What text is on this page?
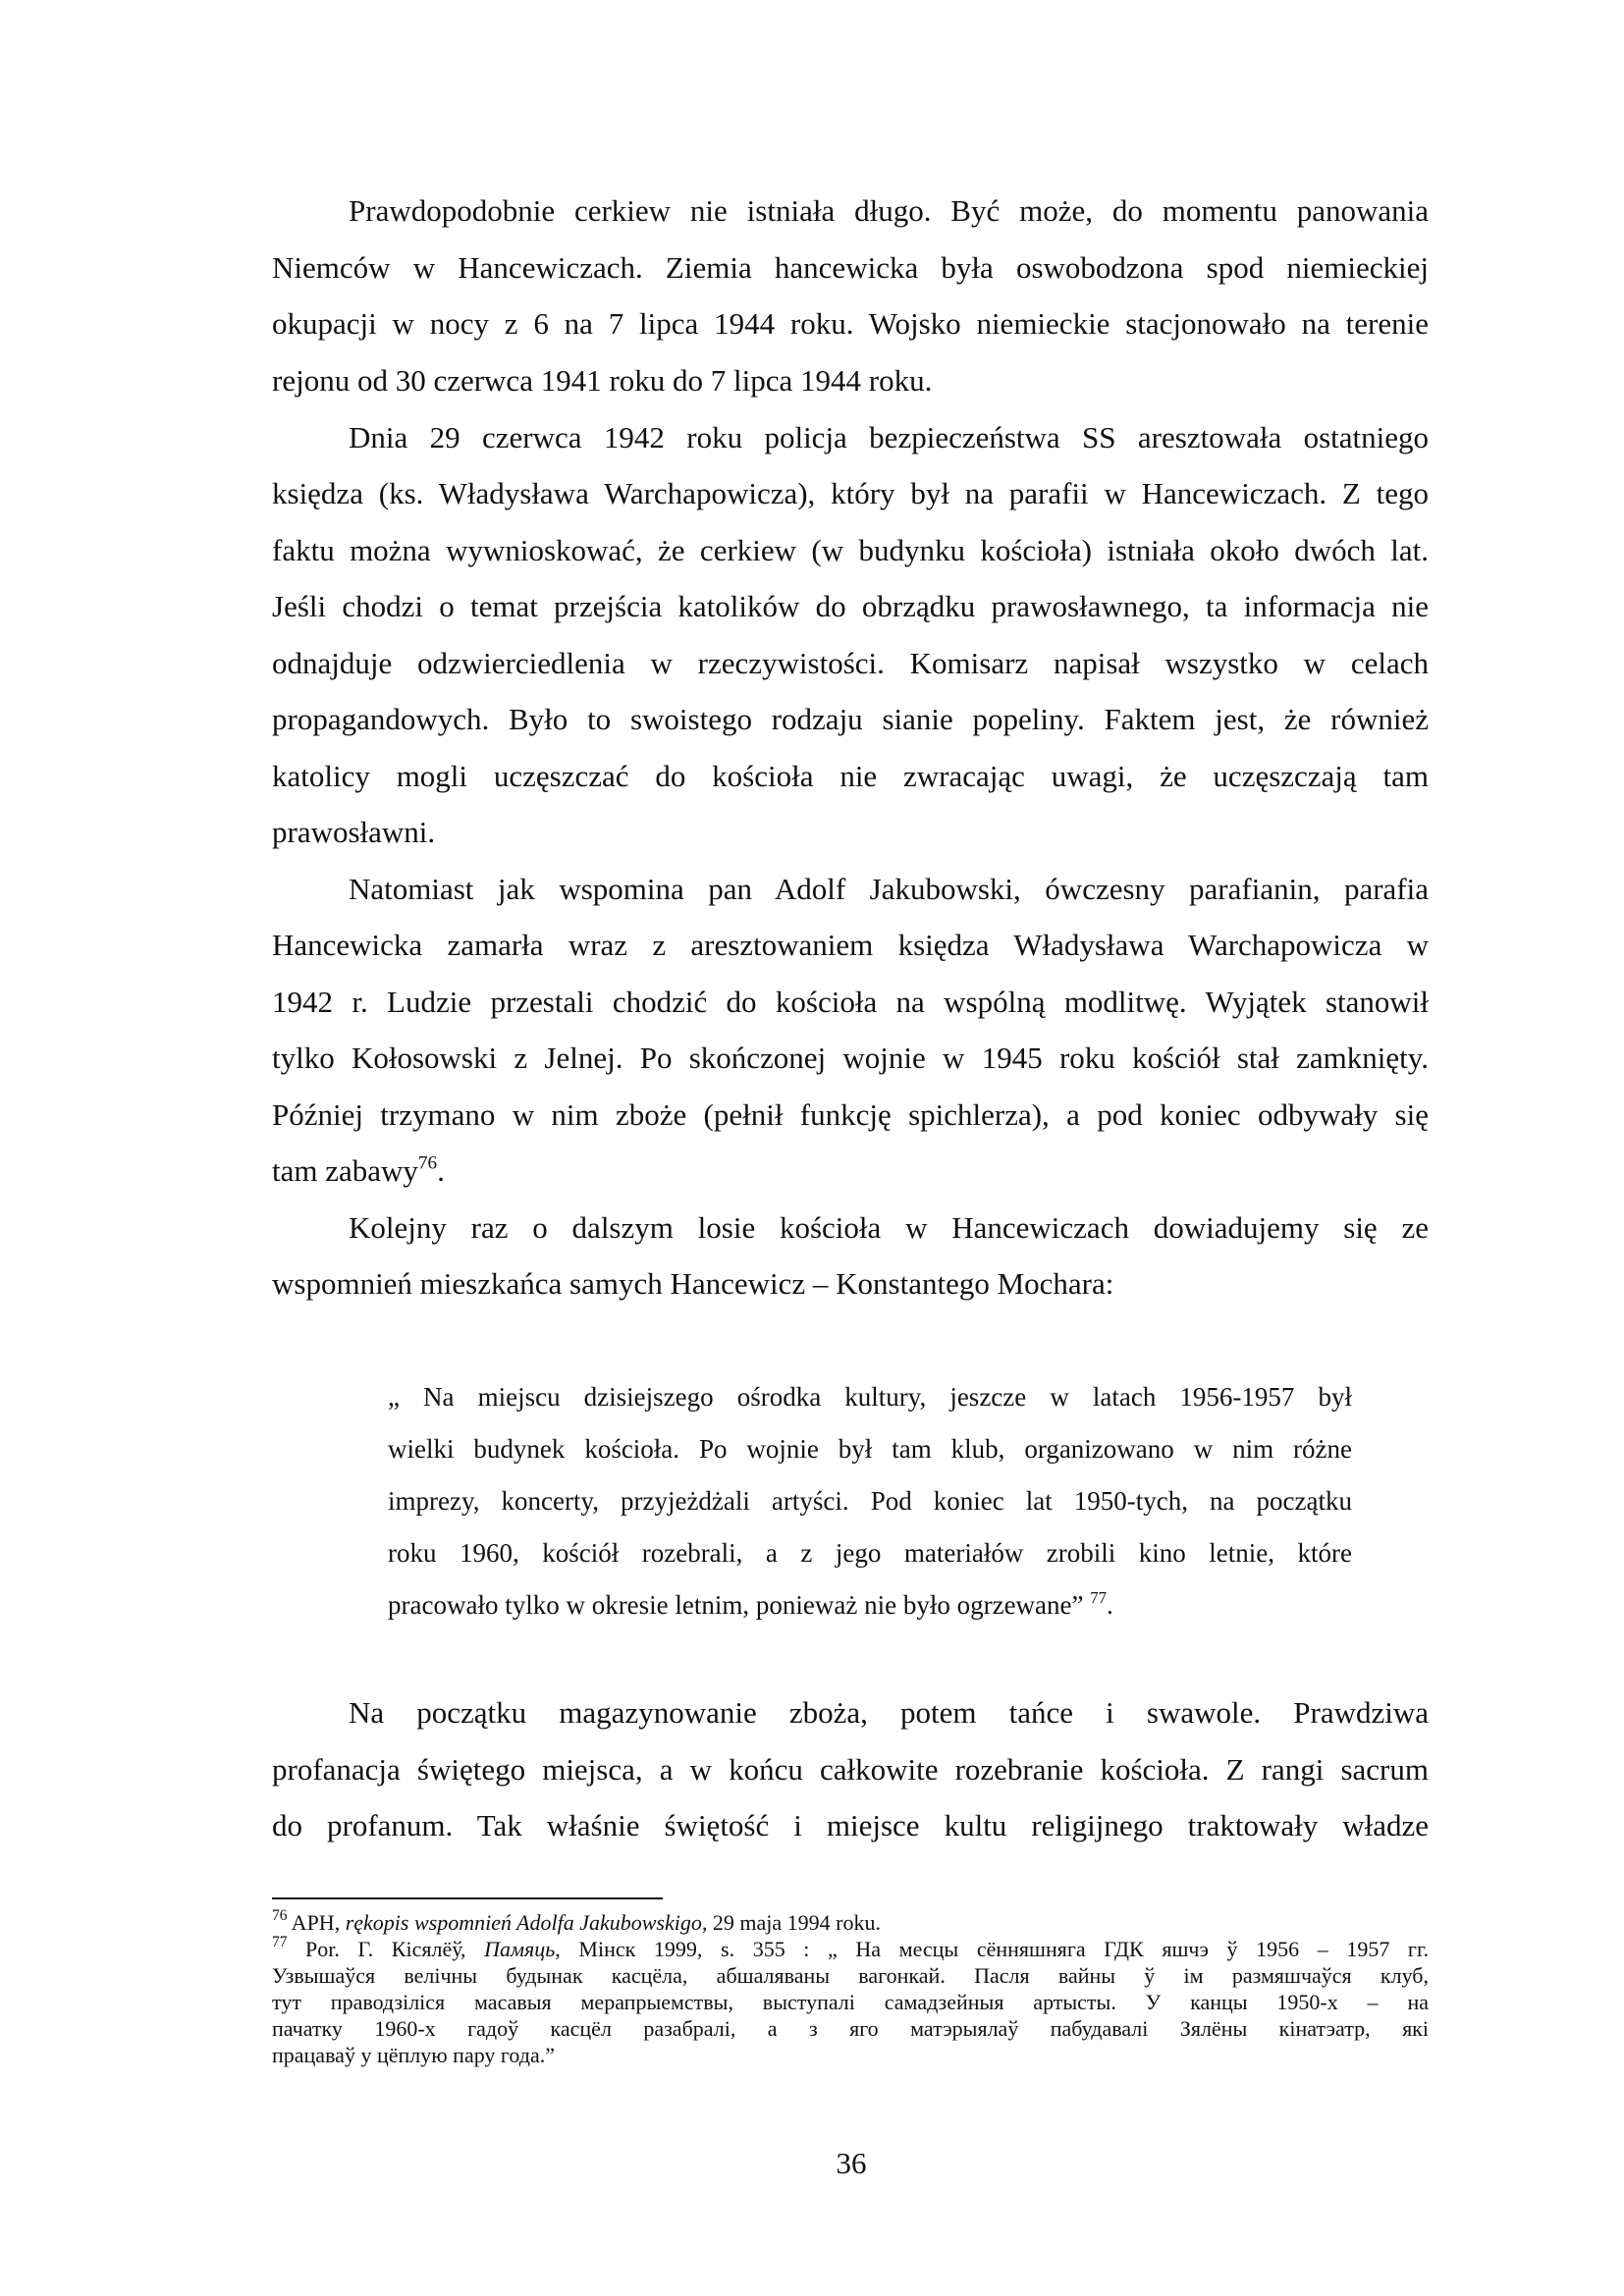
Prawdopodobnie cerkiew nie istniała długo. Być może, do momentu panowania
Niemców w Hancewiczach. Ziemia hancewicka była oswobodzona spod niemieckiej
okupacji w nocy z 6 na 7 lipca 1944 roku. Wojsko niemieckie stacjonowało na terenie
rejonu od 30 czerwca 1941 roku do 7 lipca 1944 roku.
Dnia 29 czerwca 1942 roku policja bezpieczeństwa SS aresztowała ostatniego
księdza (ks. Władysława Warchapowicza), który był na parafii w Hancewiczach. Z tego
faktu można wywnioskować, że cerkiew (w budynku kościoła) istniała około dwóch lat.
Jeśli chodzi o temat przejścia katolików do obrządku prawosławnego, ta informacja nie
odnajduje odzwierciedlenia w rzeczywistości. Komisarz napisał wszystko w celach
propagandowych. Było to swoistego rodzaju sianie popeliny. Faktem jest, że również
katolicy mogli uczęszczać do kościoła nie zwracając uwagi, że uczęszczają tam
prawosławni.
Natomiast jak wspomina pan Adolf Jakubowski, ówczesny parafianin, parafia
Hancewicka zamarła wraz z aresztowaniem księdza Władysława Warchapowicza w
1942 r. Ludzie przestali chodzić do kościoła na wspólną modlitwę. Wyjątek stanowił
tylko Kołosowski z Jelnej. Po skończonej wojnie w 1945 roku kościół stał zamknięty.
Później trzymano w nim zboże (pełnił funkcję spichlerza), a pod koniec odbywały się
tam zabawy$^{76}$.
Kolejny raz o dalszym losie kościoła w Hancewiczach dowiadujemy się ze
wspomnień mieszkańca samych Hancewicz – Konstantego Mochara:
„ Na miejscu dzisiejszego ośrodka kultury, jeszcze w latach 1956-1957 był
wielki budynek kościoła. Po wojnie był tam klub, organizowano w nim różne
imprezy, koncerty, przyjeżdżali artyści. Pod koniec lat 1950-tych, na początku
roku 1960, kościół rozebrali, a z jego materiałów zrobili kino letnie, które
pracowało tylko w okresie letnim, ponieważ nie było ogrzewane” $^{77}$.
Na początku magazynowanie zboża, potem tańce i swawole. Prawdziwa
profanacja świętego miejsca, a w końcu całkowite rozebranie kościoła. Z rangi sacrum
do profanum. Tak właśnie świętość i miejsce kultu religijnego traktowały władze
$^{76}$ APH, rękopis wspomnień Adolfa Jakubowskigo, 29 maja 1994 roku.
$^{77}$ Por. Г. Кісялёў, Памяць, Мінск 1999, s. 355 : „ На месцы сённяшняга ГДК яшчэ ў 1956 – 1957 гг.
Узвышаўся велічны будынак касцёла, абшаляваны вагонкай. Пасля вайны ў ім размяшчаўся клуб,
тут праводзіліся масавыя мерапрыемствы, выступалі самадзейныя артысты. У канцы 1950-х – на
пачатку 1960-х гадоў касцёл разабралі, а з яго матэрыялаў пабудавалі Зялёны кінатэатр, які
працаваў у цёплую пару года.”
36
